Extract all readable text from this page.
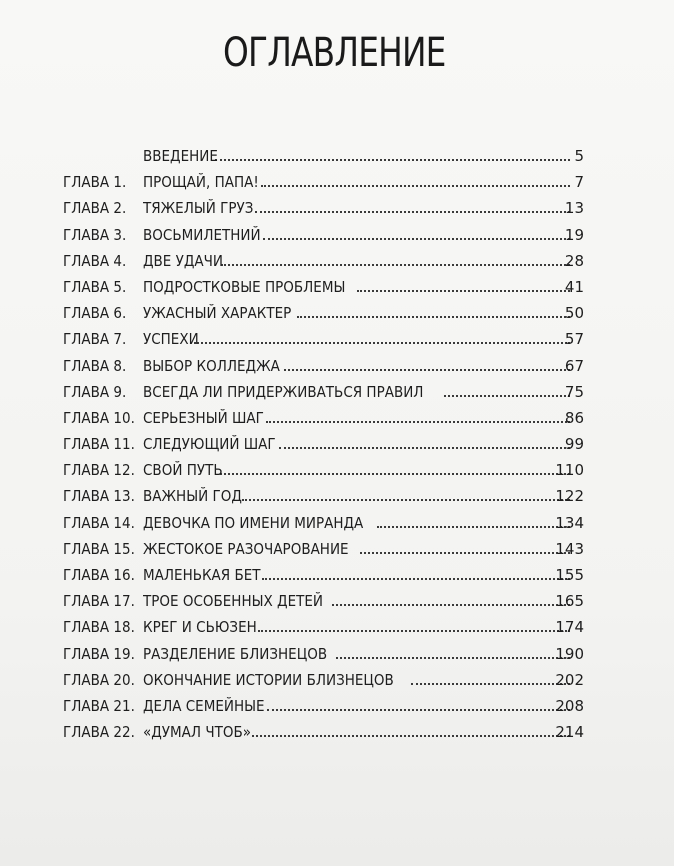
ОГЛАВЛЕНИЕ
ВВЕДЕНИЕ	5
ГЛАВА 1. ПРОЩАЙ, ПАПА!	7
ГЛАВА 2. ТЯЖЕЛЫЙ ГРУЗ	13
ГЛАВА 3. ВОСЬМИЛЕТНИЙ	19
ГЛАВА 4. ДВЕ УДАЧИ	28
ГЛАВА 5. ПОДРОСТКОВЫЕ ПРОБЛЕМЫ	41
ГЛАВА 6. УЖАСНЫЙ ХАРАКТЕР	50
ГЛАВА 7. УСПЕХИ	57
ГЛАВА 8. ВЫБОР КОЛЛЕДЖА	67
ГЛАВА 9. ВСЕГДА ЛИ ПРИДЕРЖИВАТЬСЯ ПРАВИЛ	75
ГЛАВА 10. СЕРЬЕЗНЫЙ ШАГ	86
ГЛАВА 11. СЛЕДУЮЩИЙ ШАГ	99
ГЛАВА 12. СВОЙ ПУТЬ	110
ГЛАВА 13. ВАЖНЫЙ ГОД	122
ГЛАВА 14. ДЕВОЧКА ПО ИМЕНИ МИРАНДА	134
ГЛАВА 15. ЖЕСТОКОЕ РАЗОЧАРОВАНИЕ	143
ГЛАВА 16. МАЛЕНЬКАЯ БЕТ	155
ГЛАВА 17. ТРОЕ ОСОБЕННЫХ ДЕТЕЙ	165
ГЛАВА 18. КРЕГ И СЬЮЗЕН	174
ГЛАВА 19. РАЗДЕЛЕНИЕ БЛИЗНЕЦОВ	190
ГЛАВА 20. ОКОНЧАНИЕ ИСТОРИИ БЛИЗНЕЦОВ	202
ГЛАВА 21. ДЕЛА СЕМЕЙНЫЕ	208
ГЛАВА 22. «ДУМАЛ ЧТОБ»	214
